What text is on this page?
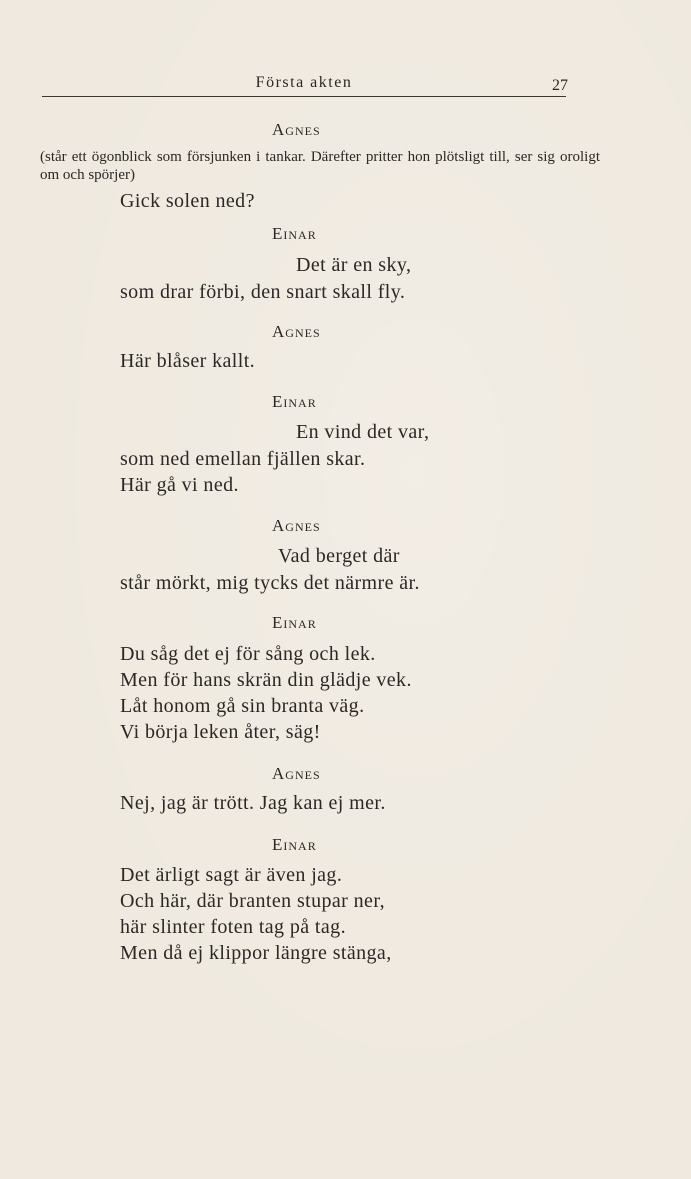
Första akten	27
Agnes
(står ett ögonblick som försjunken i tankar. Därefter pritter hon plötsligt till, ser sig oroligt om och spörjer)
Gick solen ned?
Einar
Det är en sky,
som drar förbi, den snart skall fly.
Agnes
Här blåser kallt.
Einar
En vind det var,
som ned emellan fjällen skar.
Här gå vi ned.
Agnes
Vad berget där
står mörkt, mig tycks det närmre är.
Einar
Du såg det ej för sång och lek.
Men för hans skrän din glädje vek.
Låt honom gå sin branta väg.
Vi börja leken åter, säg!
Agnes
Nej, jag är trött. Jag kan ej mer.
Einar
Det ärligt sagt är även jag.
Och här, där branten stupar ner,
här slinter foten tag på tag.
Men då ej klippor längre stänga,
